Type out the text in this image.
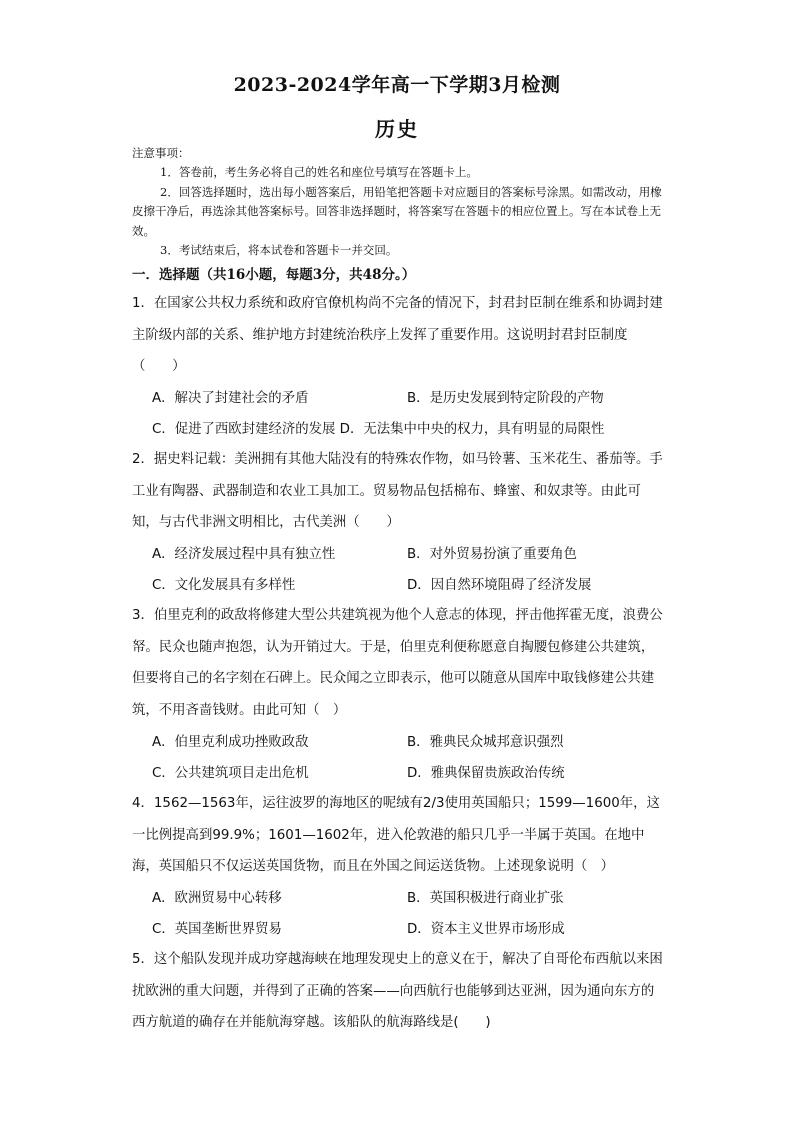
2023-2024学年高一下学期3月检测
历史
注意事项：
1．答卷前，考生务必将自己的姓名和座位号填写在答题卡上。
2．回答选择题时，选出每小题答案后，用铅笔把答题卡对应题目的答案标号涂黑。如需改动，用橡皮擦干净后，再选涂其他答案标号。回答非选择题时，将答案写在答题卡的相应位置上。写在本试卷上无效。
3．考试结束后，将本试卷和答题卡一并交回。
一．选择题（共16小题，每题3分，共48分。）
1．在国家公共权力系统和政府官僚机构尚不完备的情况下，封君封臣制在维系和协调封建主阶级内部的关系、维护地方封建统治秩序上发挥了重要作用。这说明封君封臣制度（　　）
A．解决了封建社会的矛盾	B．是历史发展到特定阶段的产物
C．促进了西欧封建经济的发展 D．无法集中中央的权力，具有明显的局限性
2．据史料记载：美洲拥有其他大陆没有的特殊农作物，如马铃薯、玉米花生、番茄等。手工业有陶器、武器制造和农业工具加工。贸易物品包括棉布、蜂蜜、和奴隶等。由此可知，与古代非洲文明相比，古代美洲（　　）
A．经济发展过程中具有独立性	B．对外贸易扮演了重要角色
C．文化发展具有多样性	D．因自然环境阻碍了经济发展
3．伯里克利的政敌将修建大型公共建筑视为他个人意志的体现，抨击他挥霍无度，浪费公帑。民众也随声抱怨，认为开销过大。于是，伯里克利便称愿意自掏腰包修建公共建筑，但要将自己的名字刻在石碑上。民众闻之立即表示，他可以随意从国库中取钱修建公共建筑，不用吝啬钱财。由此可知（　）
A．伯里克利成功挫败政敌	B．雅典民众城邦意识强烈
C．公共建筑项目走出危机	D．雅典保留贵族政治传统
4．1562—1563年，运往波罗的海地区的呢绒有2/3使用英国船只；1599—1600年，这一比例提高到99.9%；1601—1602年，进入伦敦港的船只几乎一半属于英国。在地中海，英国船只不仅运送英国货物，而且在外国之间运送货物。上述现象说明（　）
A．欧洲贸易中心转移	B．英国积极进行商业扩张
C．英国垄断世界贸易	D．资本主义世界市场形成
5．这个船队发现并成功穿越海峡在地理发现史上的意义在于，解决了自哥伦布西航以来困扰欧洲的重大问题，并得到了正确的答案——向西航行也能够到达亚洲，因为通向东方的西方航道的确存在并能航海穿越。该船队的航海路线是(　　)
